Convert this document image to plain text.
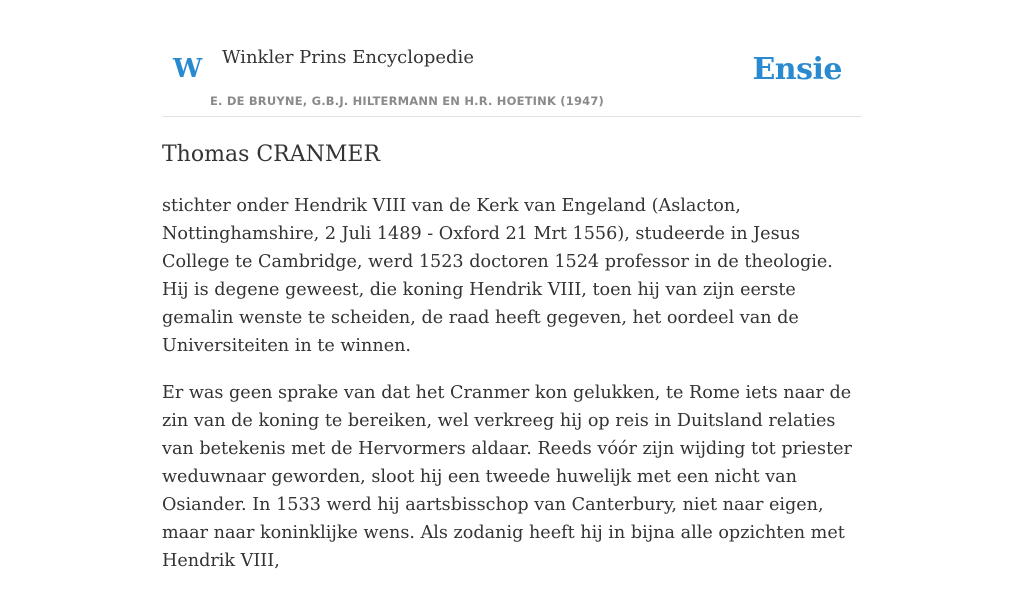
W Winkler Prins Encyclopedie
E. DE BRUYNE, G.B.J. HILTERMANN EN H.R. HOETINK (1947)
Ensie
Thomas CRANMER

stichter onder Hendrik VIII van de Kerk van Engeland (Aslacton, Nottinghamshire, 2 Juli 1489 - Oxford 21 Mrt 1556), studeerde in Jesus College te Cambridge, werd 1523 doctoren 1524 professor in de theologie. Hij is degene geweest, die koning Hendrik VIII, toen hij van zijn eerste gemalin wenste te scheiden, de raad heeft gegeven, het oordeel van de Universiteiten in te winnen.

Er was geen sprake van dat het Cranmer kon gelukken, te Rome iets naar de zin van de koning te bereiken, wel verkreeg hij op reis in Duitsland relaties van betekenis met de Hervormers aldaar. Reeds vóór zijn wijding tot priester weduwnaar geworden, sloot hij een tweede huwelijk met een nicht van Osiander. In 1533 werd hij aartsbisschop van Canterbury, niet naar eigen, maar naar koninklijke wens. Als zodanig heeft hij in bijna alle opzichten met Hendrik VIII,
